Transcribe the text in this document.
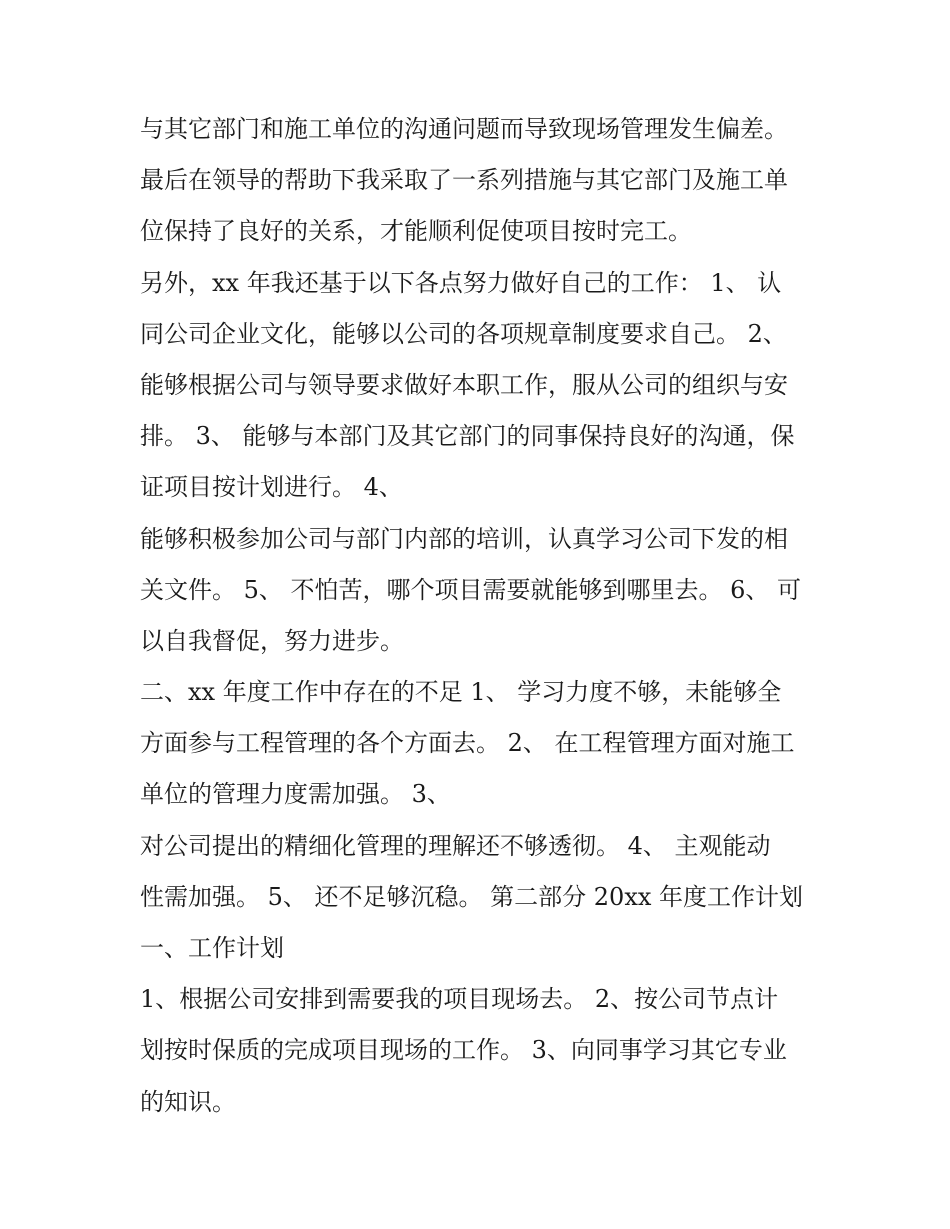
与其它部门和施工单位的沟通问题而导致现场管理发生偏差。
最后在领导的帮助下我采取了一系列措施与其它部门及施工单
位保持了良好的关系，才能顺利促使项目按时完工。
另外，xx 年我还基于以下各点努力做好自己的工作： 1、 认
同公司企业文化，能够以公司的各项规章制度要求自己。 2、
能够根据公司与领导要求做好本职工作，服从公司的组织与安
排。 3、 能够与本部门及其它部门的同事保持良好的沟通，保
证项目按计划进行。 4、
能够积极参加公司与部门内部的培训，认真学习公司下发的相
关文件。 5、 不怕苦，哪个项目需要就能够到哪里去。 6、 可
以自我督促，努力进步。
二、xx 年度工作中存在的不足 1、 学习力度不够，未能够全
方面参与工程管理的各个方面去。 2、 在工程管理方面对施工
单位的管理力度需加强。 3、
对公司提出的精细化管理的理解还不够透彻。 4、 主观能动
性需加强。 5、 还不足够沉稳。 第二部分 20xx 年度工作计划
一、工作计划
1、根据公司安排到需要我的项目现场去。 2、按公司节点计
划按时保质的完成项目现场的工作。 3、向同事学习其它专业
的知识。
